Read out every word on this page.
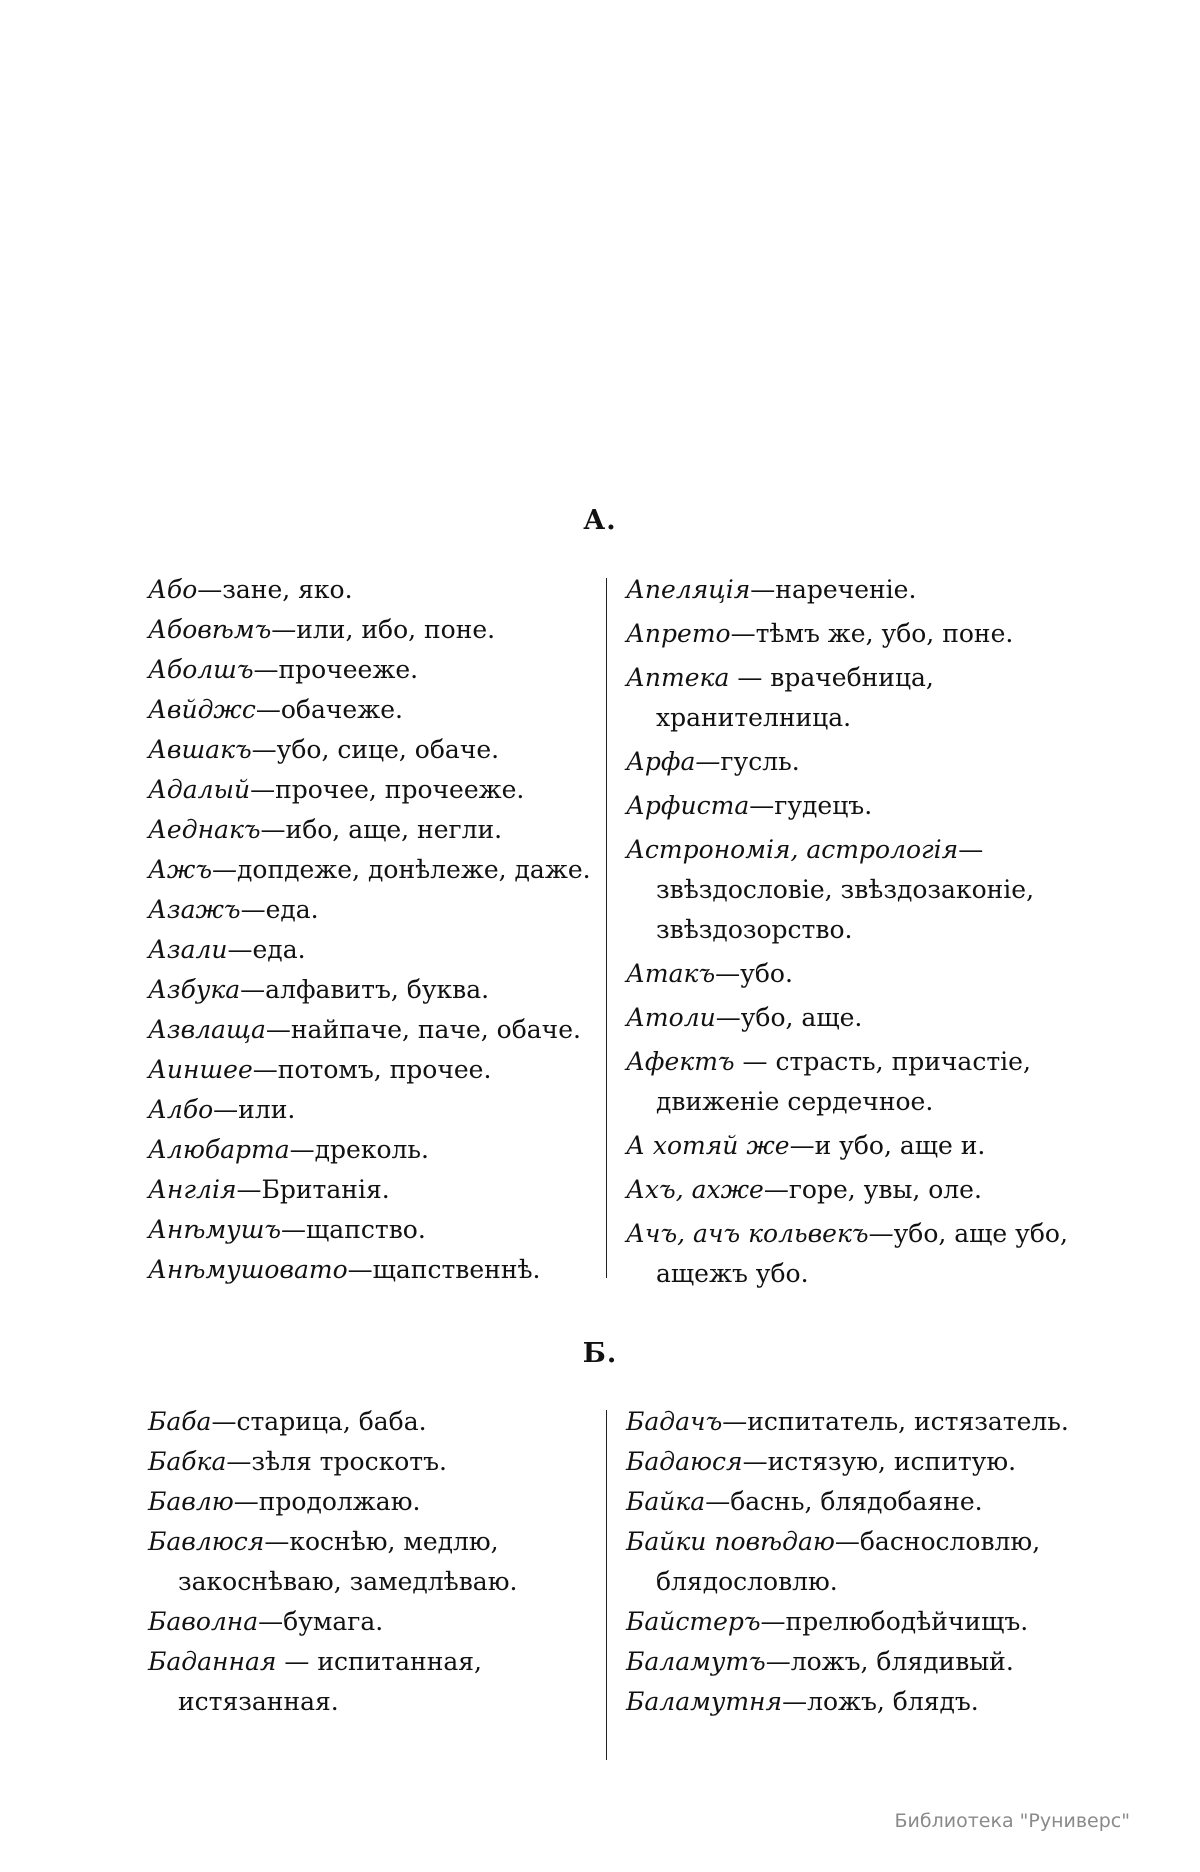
А.
Або—зане, яко.
Абовѣмъ—или, ибо, поне.
Аболшъ—прочееже.
Авйджс—обачеже.
Авшакъ—убо, сице, обаче.
Адалый—прочее, прочееже.
Аеднакъ—ибо, аще, негли.
Ажъ—допдеже, донѣлеже, даже.
Азажъ—еда.
Азали—еда.
Азбука—алфавитъ, буква.
Азвлаща—найпаче, паче, обаче.
Аиншее—потомъ, прочее.
Албо—или.
Алюбарта—дреколь.
Англія—Британія.
Анѣмушъ—щапство.
Анѣмушовато—щапственнѣ.
Апеляція—нареченіе.
Апрето—тѣмъ же, убо, поне.
Аптека — врачебница, хранителница.
Арфа—гусль.
Арфиста—гудецъ.
Астрономія, астрологія—звѣздословіе, звѣздозаконіе, звѣздозорство.
Атакъ—убо.
Атоли—убо, аще.
Афектъ — страсть, причастіе, движеніе сердечное.
А хотяй же—и убо, аще и.
Ахъ, ахже—горе, увы, оле.
Ачъ, ачъ кольвекъ—убо, аще убо, ащежъ убо.
Б.
Баба—старица, баба.
Бабка—зѣля троскотъ.
Бавлю—продолжаю.
Бавлюся—коснѣю, медлю, закоснѣваю, замедлѣваю.
Баволна—бумага.
Баданная — испитанная, истязанная.
Бадачъ—испитатель, истязатель.
Бадаюся—истязую, испитую.
Байка—баснь, блядобаяне.
Байки повѣдаю—баснословлю, блядословлю.
Байстеръ—прелюбодѣйчищъ.
Баламутъ—ложъ, блядивый.
Баламутня—ложъ, блядъ.
Библиотека "Руниверс"
